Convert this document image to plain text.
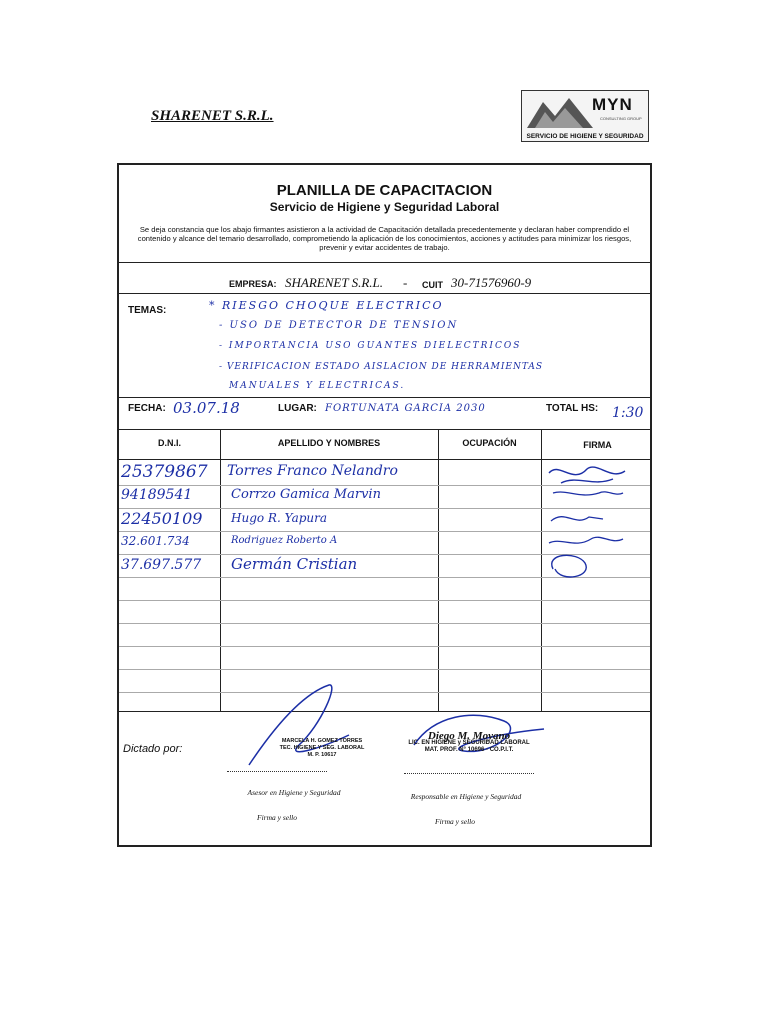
SHARENET S.R.L.
MYN
CONSULTING GROUP
SERVICIO DE HIGIENE Y SEGURIDAD
PLANILLA DE CAPACITACION
Servicio de Higiene y Seguridad Laboral
Se deja constancia que los abajo firmantes asistieron a la actividad de Capacitación detallada precedentemente y declaran haber comprendido el contenido y alcance del temario desarrollado, comprometiendo la aplicación de los conocimientos, acciones y actitudes para minimizar los riesgos, prevenir y evitar accidentes de trabajo.
EMPRESA: SHARENET S.R.L. - CUIT 30-71576960-9
TEMAS:	* RIESGO CHOQUE ELECTRICO
- USO DE DETECTOR DE TENSION
- IMPORTANCIA USO GUANTES DIELECTRICOS
- VERIFICACION ESTADO AISLACION DE HERRAMIENTAS
MANUALES Y ELECTRICAS.
FECHA: 03.07.18	LUGAR: FORTUNATA GARCIA 2030	TOTAL HS: 1:30
D.N.I.	APELLIDO Y NOMBRES	OCUPACIÓN	FIRMA
25379867 Torres Franco Nelandro
94189541	Corrzo Gamica Marvin
22450109 Hugo R. Yapura
32.601.734	Rodriguez Roberto A
37.697.577 Germán Cristian
Dictado por:
MARCELA H. GOMEZ TORRES
TEC. HIGIENE Y SEG. LABORAL
M. P. 10617
Diego M. Moyano
LIC. EN HIGIENE y SEGURIDAD LABORAL
MAT. PROF. N° 10696 - CO.P.I.T.
Asesor en Higiene y Seguridad	Responsable en Higiene y Seguridad
Firma y sello	Firma y sello
